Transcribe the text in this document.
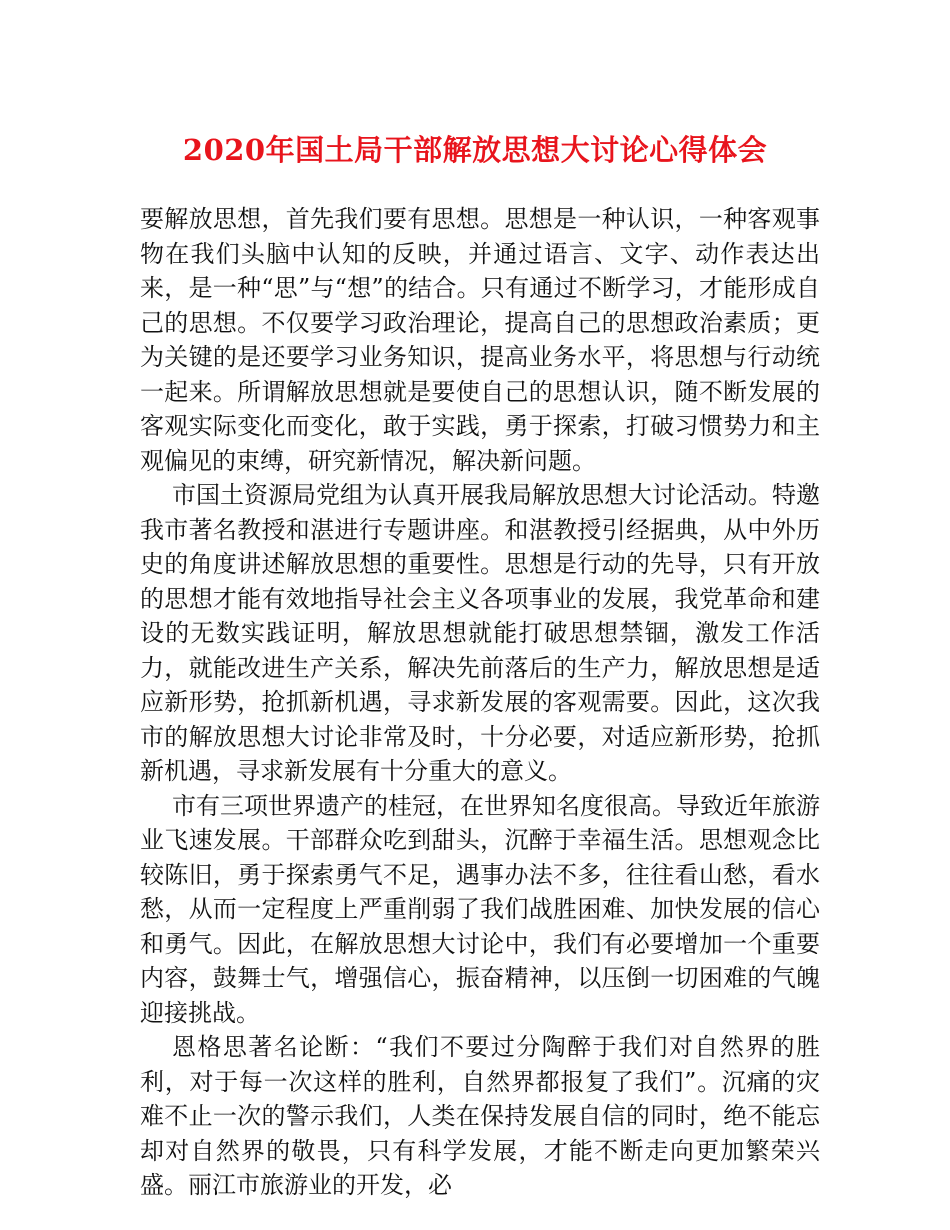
2020年国土局干部解放思想大讨论心得体会

要解放思想，首先我们要有思想。思想是一种认识，一种客观事物在我们头脑中认知的反映，并通过语言、文字、动作表达出来，是一种“思”与“想”的结合。只有通过不断学习，才能形成自己的思想。不仅要学习政治理论，提高自己的思想政治素质；更为关键的是还要学习业务知识，提高业务水平，将思想与行动统一起来。所谓解放思想就是要使自己的思想认识，随不断发展的客观实际变化而变化，敢于实践，勇于探索，打破习惯势力和主观偏见的束缚，研究新情况，解决新问题。

市国土资源局党组为认真开展我局解放思想大讨论活动。特邀我市著名教授和湛进行专题讲座。和湛教授引经据典，从中外历史的角度讲述解放思想的重要性。思想是行动的先导，只有开放的思想才能有效地指导社会主义各项事业的发展，我党革命和建设的无数实践证明，解放思想就能打破思想禁锢，激发工作活力，就能改进生产关系，解决先前落后的生产力，解放思想是适应新形势，抢抓新机遇，寻求新发展的客观需要。因此，这次我市的解放思想大讨论非常及时，十分必要，对适应新形势，抢抓新机遇，寻求新发展有十分重大的意义。

市有三项世界遗产的桂冠，在世界知名度很高。导致近年旅游业飞速发展。干部群众吃到甜头，沉醉于幸福生活。思想观念比较陈旧，勇于探索勇气不足，遇事办法不多，往往看山愁，看水愁，从而一定程度上严重削弱了我们战胜困难、加快发展的信心和勇气。因此，在解放思想大讨论中，我们有必要增加一个重要内容，鼓舞士气，增强信心，振奋精神，以压倒一切困难的气魄迎接挑战。

恩格思著名论断：“我们不要过分陶醉于我们对自然界的胜利，对于每一次这样的胜利，自然界都报复了我们”。沉痛的灾难不止一次的警示我们，人类在保持发展自信的同时，绝不能忘却对自然界的敬畏，只有科学发展，才能不断走向更加繁荣兴盛。丽江市旅游业的开发，必
